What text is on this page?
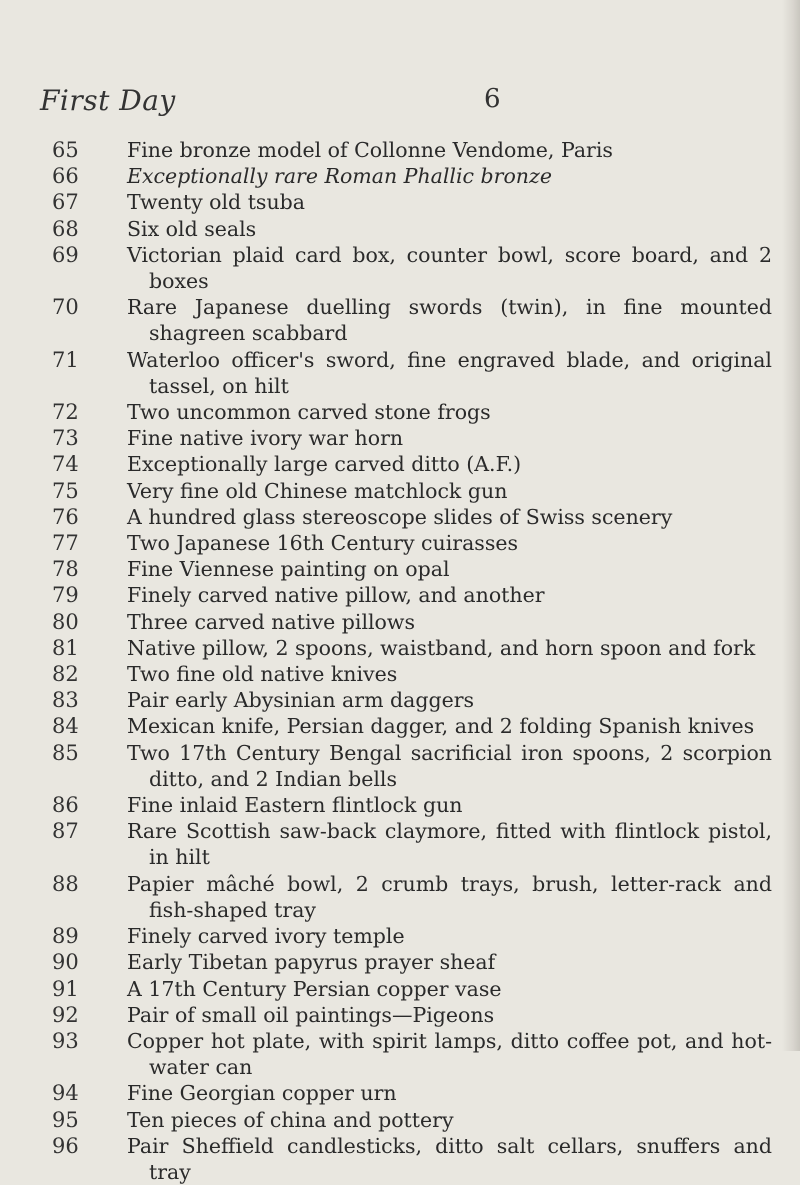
First Day	6
65	Fine bronze model of Collonne Vendome, Paris
66	Exceptionally rare Roman Phallic bronze
67	Twenty old tsuba
68	Six old seals
69	Victorian plaid card box, counter bowl, score board, and 2 boxes
70	Rare Japanese duelling swords (twin), in fine mounted shagreen scabbard
71	Waterloo officer's sword, fine engraved blade, and original tassel, on hilt
72	Two uncommon carved stone frogs
73	Fine native ivory war horn
74	Exceptionally large carved ditto (A.F.)
75	Very fine old Chinese matchlock gun
76	A hundred glass stereoscope slides of Swiss scenery
77	Two Japanese 16th Century cuirasses
78	Fine Viennese painting on opal
79	Finely carved native pillow, and another
80	Three carved native pillows
81	Native pillow, 2 spoons, waistband, and horn spoon and fork
82	Two fine old native knives
83	Pair early Abysinian arm daggers
84	Mexican knife, Persian dagger, and 2 folding Spanish knives
85	Two 17th Century Bengal sacrificial iron spoons, 2 scorpion ditto, and 2 Indian bells
86	Fine inlaid Eastern flintlock gun
87	Rare Scottish saw-back claymore, fitted with flintlock pistol, in hilt
88	Papier mâché bowl, 2 crumb trays, brush, letter-rack and fish-shaped tray
89	Finely carved ivory temple
90	Early Tibetan papyrus prayer sheaf
91	A 17th Century Persian copper vase
92	Pair of small oil paintings—Pigeons
93	Copper hot plate, with spirit lamps, ditto coffee pot, and hot-water can
94	Fine Georgian copper urn
95	Ten pieces of china and pottery
96	Pair Sheffield candlesticks, ditto salt cellars, snuffers and tray
